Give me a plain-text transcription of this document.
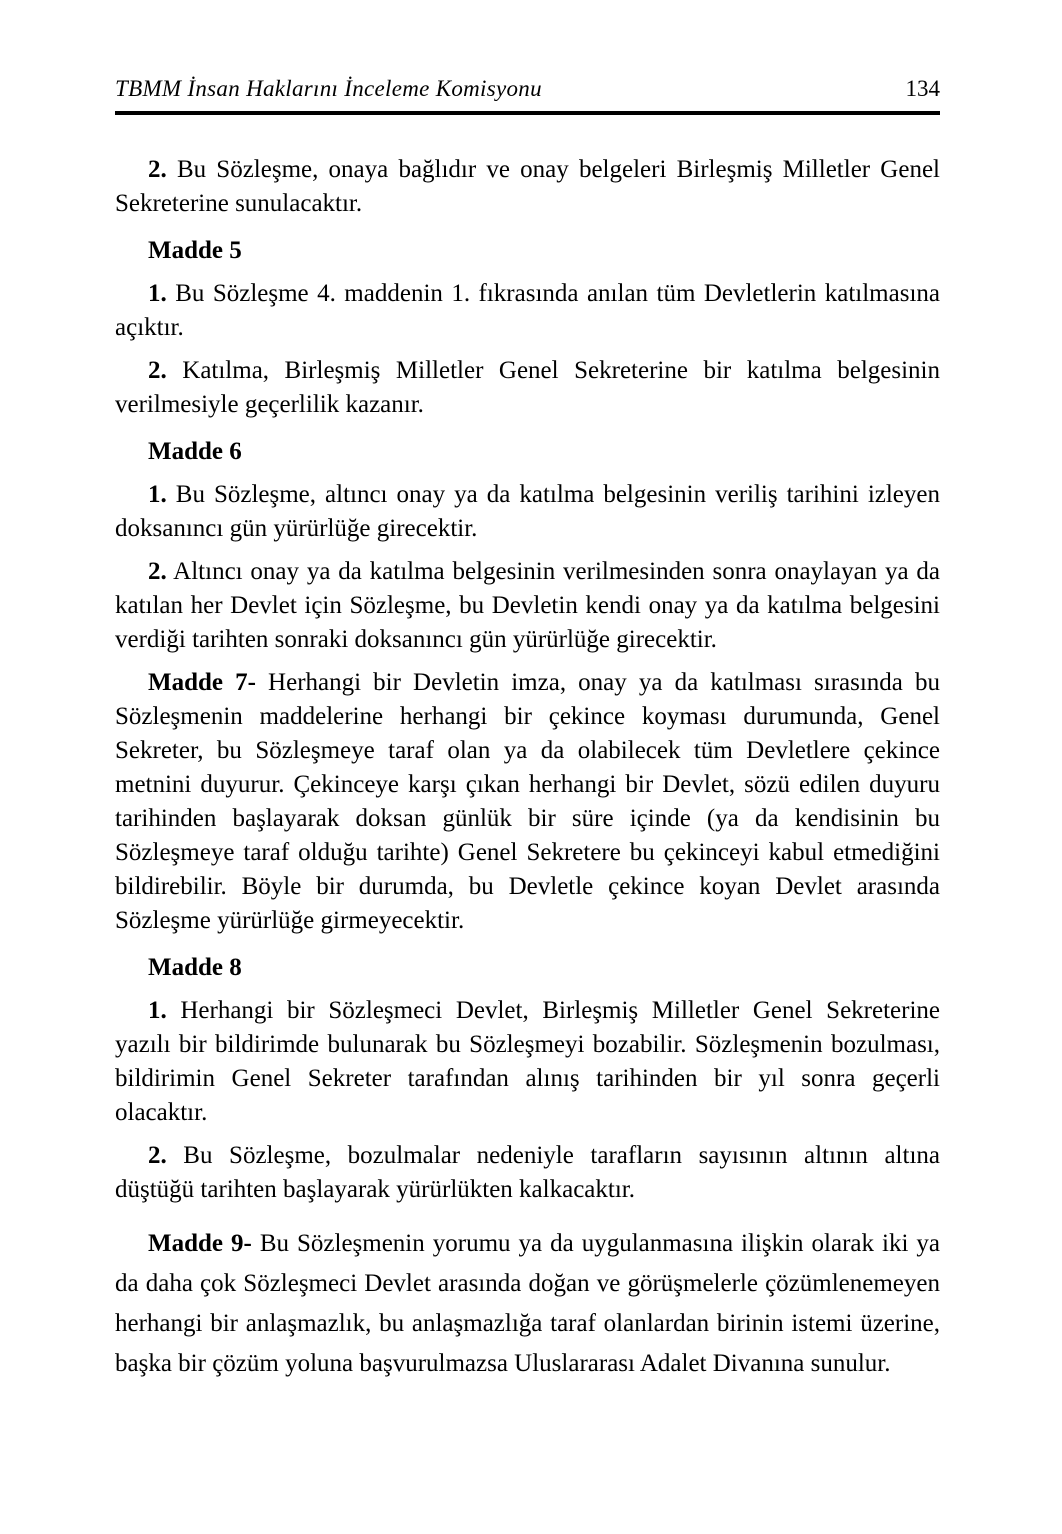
TBMM İnsan Haklarını İnceleme Komisyonu	134

2. Bu Sözleşme, onaya bağlıdır ve onay belgeleri Birleşmiş Milletler Genel Sekreterine sunulacaktır.

Madde 5

1. Bu Sözleşme 4. maddenin 1. fıkrasında anılan tüm Devletlerin katılmasına açıktır.

2. Katılma, Birleşmiş Milletler Genel Sekreterine bir katılma belgesinin verilmesiyle geçerlilik kazanır.

Madde 6

1. Bu Sözleşme, altıncı onay ya da katılma belgesinin veriliş tarihini izleyen doksanıncı gün yürürlüğe girecektir.

2. Altıncı onay ya da katılma belgesinin verilmesinden sonra onaylayan ya da katılan her Devlet için Sözleşme, bu Devletin kendi onay ya da katılma belgesini verdiği tarihten sonraki doksanıncı gün yürürlüğe girecektir.

Madde 7- Herhangi bir Devletin imza, onay ya da katılması sırasında bu Sözleşmenin maddelerine herhangi bir çekince koyması durumunda, Genel Sekreter, bu Sözleşmeye taraf olan ya da olabilecek tüm Devletlere çekince metnini duyurur. Çekinceye karşı çıkan herhangi bir Devlet, sözü edilen duyuru tarihinden başlayarak doksan günlük bir süre içinde (ya da kendisinin bu Sözleşmeye taraf olduğu tarihte) Genel Sekretere bu çekinceyi kabul etmediğini bildirebilir. Böyle bir durumda, bu Devletle çekince koyan Devlet arasında Sözleşme yürürlüğe girmeyecektir.

Madde 8

1. Herhangi bir Sözleşmeci Devlet, Birleşmiş Milletler Genel Sekreterine yazılı bir bildirimde bulunarak bu Sözleşmeyi bozabilir. Sözleşmenin bozulması, bildirimin Genel Sekreter tarafından alınış tarihinden bir yıl sonra geçerli olacaktır.

2. Bu Sözleşme, bozulmalar nedeniyle tarafların sayısının altının altına düştüğü tarihten başlayarak yürürlükten kalkacaktır.

Madde 9- Bu Sözleşmenin yorumu ya da uygulanmasına ilişkin olarak iki ya da daha çok Sözleşmeci Devlet arasında doğan ve görüşmelerle çözümlenemeyen herhangi bir anlaşmazlık, bu anlaşmazlığa taraf olanlardan birinin istemi üzerine, başka bir çözüm yoluna başvurulmazsa Uluslararası Adalet Divanına sunulur.
